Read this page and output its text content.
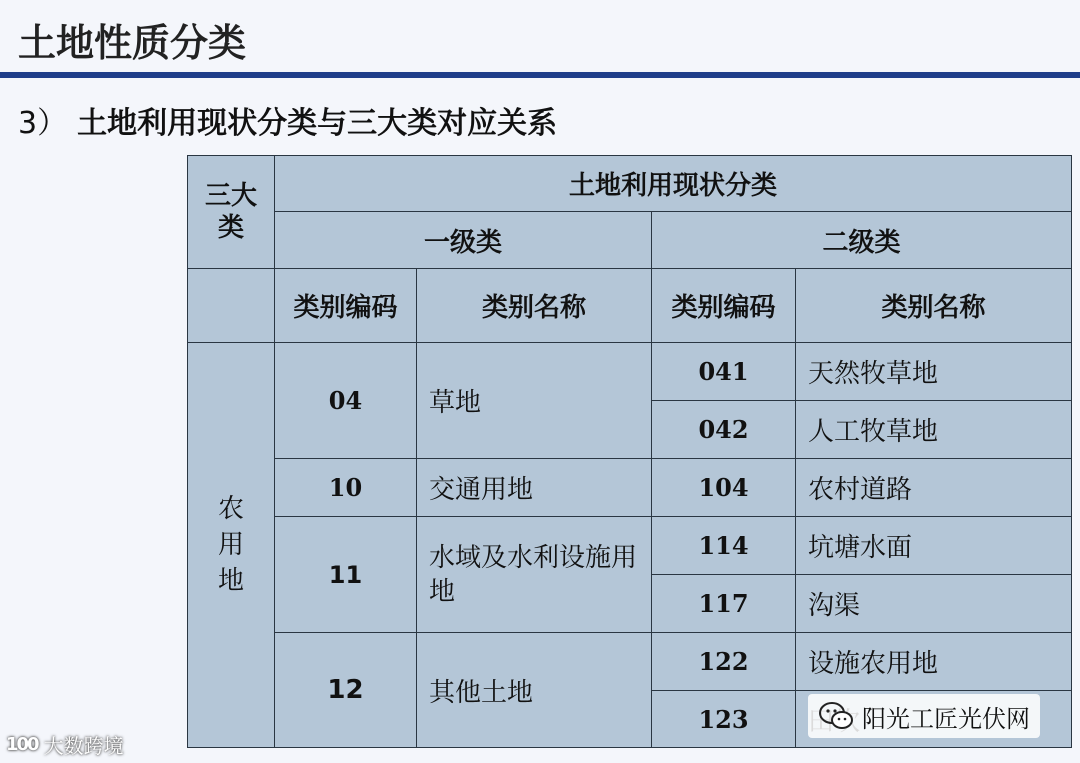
土地性质分类
3） 土地利用现状分类与三大类对应关系
三大类	土地利用现状分类			
	一级类		二级类	
	类别编码	类别名称	类别编码	类别名称
农用地	04	草地	041	天然牧草地
			042	人工牧草地
	10	交通用地	104	农村道路
	11	水域及水利设施用地	114	坑塘水面
			117	沟渠
	12	其他土地	122	设施农用地
			123		阳光工匠光伏网
100 大数跨境
